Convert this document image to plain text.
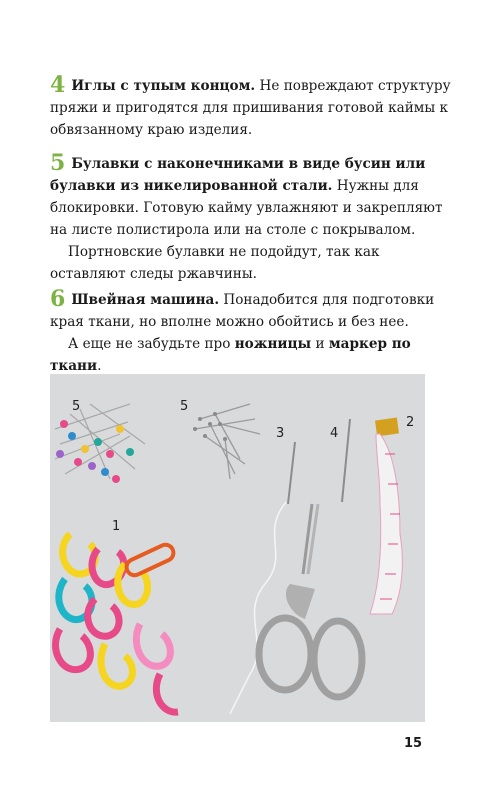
4 Иглы с тупым концом. Не повреждают структуру пряжи и пригодятся для пришивания готовой каймы к обвязанному краю изделия.

5 Булавки с наконечниками в виде бусин или булавки из никелированной стали. Нужны для блокировки. Готовую кайму увлажняют и закрепляют на листе полистирола или на столе с покрывалом.

Портновские булавки не подойдут, так как оставляют следы ржавчины.

6 Швейная машина. Понадобится для подготовки края ткани, но вполне можно обойтись и без нее.

А еще не забудьте про ножницы и маркер по ткани.

5	5
3	4
2
1
15
